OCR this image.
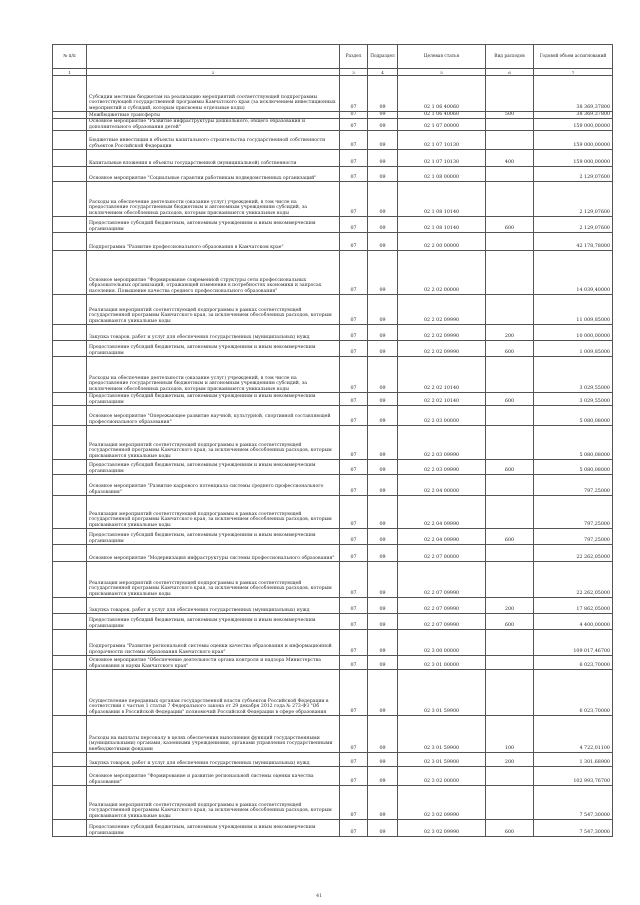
№ п/п		Раздел	Подраздел	Целевая статья	Вид расходов	Годовой объем ассигнований
1	2	3	4	5	6	7
	Субсидии местным бюджетам на реализацию мероприятий соответствующей подпрограммы соответствующей государственной программы Камчатского края (за исключением инвестиционных мероприятий и субсидий, которым присвоены отдельные коды)	07	09	02 1 06 40060		38 369,37800
	Межбюджетные трансферты	07	09	02 1 06 40060	500	38 369,37800
	Основное мероприятие "Развитие инфраструктуры дошкольного, общего образования и дополнительного образования детей"	07	09	02 1 07 00000		159 000,00000
	Бюджетные инвестиции в объекты капитального строительства государственной собственности субъектов Российской Федерации	07	09	02 1 07 10130		159 000,00000
	Капитальные вложения в объекты государственной (муниципальной) собственности	07	09	02 1 07 10130	400	159 000,00000
	Основное мероприятие "Социальные гарантии работникам подведомственных организаций"	07	09	02 1 08 00000		2 129,07600
	Расходы на обеспечение деятельности (оказание услуг) учреждений, в том числе на предоставление государственным бюджетным и автономным учреждениям субсидий, за исключением обособленных расходов, которым присваиваются уникальные коды	07	09	02 1 08 10140		2 129,07600
	Предоставление субсидий бюджетным, автономным учреждениям и иным некоммерческим организациям	07	09	02 1 08 10140	600	2 129,07600
	Подпрограмма "Развитие профессионального образования в Камчатском крае"	07	09	02 2 00 00000		42 178,78000
	Основное мероприятие "Формирование современной структуры сети профессиональных образовательных организаций, отражающей изменения в потребностях экономики и запросах населения. Повышение качества среднего профессионального образования"	07	09	02 2 02 00000		14 039,40000
	Реализация мероприятий соответствующей подпрограммы в рамках соответствующей государственной программы Камчатского края, за исключением обособленных расходов, которым присваиваются уникальные коды	07	09	02 2 02 09990		11 009,85000
	Закупка товаров, работ и услуг для обеспечения государственных (муниципальных) нужд	07	09	02 2 02 09990	200	10 000,00000
	Предоставление субсидий бюджетным, автономным учреждениям и иным некоммерческим организациям	07	09	02 2 02 09990	600	1 009,85000
	Расходы на обеспечение деятельности (оказание услуг) учреждений, в том числе на предоставление государственным бюджетным и автономным учреждениям субсидий, за исключением обособленных расходов, которым присваиваются уникальные коды	07	09	02 2 02 10140		3 029,55000
	Предоставление субсидий бюджетным, автономным учреждениям и иным некоммерческим организациям	07	09	02 2 02 10140	600	3 029,55000
	Основное мероприятие "Опережающее развитие научной, культурной, спортивной составляющей профессионального образования"	07	09	02 2 03 00000		5 080,08000
	Реализация мероприятий соответствующей подпрограммы в рамках соответствующей государственной программы Камчатского края, за исключением обособленных расходов, которым присваиваются уникальные коды	07	09	02 2 03 09990		5 080,08000
	Предоставление субсидий бюджетным, автономным учреждениям и иным некоммерческим организациям	07	09	02 2 03 09990	600	5 080,08000
	Основное мероприятие "Развитие кадрового потенциала системы среднего профессионального образования"	07	09	02 2 04 00000		797,25000
	Реализация мероприятий соответствующей подпрограммы в рамках соответствующей государственной программы Камчатского края, за исключением обособленных расходов, которым присваиваются уникальные коды	07	09	02 2 04 09990		797,25000
	Предоставление субсидий бюджетным, автономным учреждениям и иным некоммерческим организациям	07	09	02 2 04 09990	600	797,25000
	Основное мероприятие "Модернизация инфраструктуры системы профессионального образования"	07	09	02 2 07 00000		22 262,05000
	Реализация мероприятий соответствующей подпрограммы в рамках соответствующей государственной программы Камчатского края, за исключением обособленных расходов, которым присваиваются уникальные коды	07	09	02 2 07 09990		22 262,05000
	Закупка товаров, работ и услуг для обеспечения государственных (муниципальных) нужд	07	09	02 2 07 09990	200	17 862,05000
	Предоставление субсидий бюджетным, автономным учреждениям и иным некоммерческим организациям	07	09	02 2 07 09990	600	4 400,00000
	Подпрограмма "Развитие региональной системы оценки качества образования и информационной прозрачности системы образования Камчатского края"	07	09	02 3 00 00000		109 017,46700
	Основное мероприятие "Обеспечение деятельности органа контроля и надзора Министерства образования и науки Камчатского края"	07	09	02 3 01 00000		6 023,70000
	Осуществление переданных органам государственной власти субъектов Российской Федерации в соответствии с частью 1 статьи 7 Федерального закона от 29 декабря 2012 года № 273-ФЗ "Об образовании в Российской Федерации" полномочий Российской Федерации в сфере образования	07	09	02 3 01 59900		6 023,70000
	Расходы на выплаты персоналу в целях обеспечения выполнения функций государственными (муниципальными) органами, казенными учреждениями, органами управления государственными внебюджетными фондами	07	09	02 3 01 59900	100	4 722,01100
	Закупка товаров, работ и услуг для обеспечения государственных (муниципальных) нужд	07	09	02 3 01 59900	200	1 301,68900
	Основное мероприятие "Формирование и развитие региональной системы оценки качества образования"	07	09	02 3 02 00000		102 993,76700
	Реализация мероприятий соответствующей подпрограммы в рамках соответствующей государственной программы Камчатского края, за исключением обособленных расходов, которым присваиваются уникальные коды	07	09	02 3 02 09990		7 547,30000
	Предоставление субсидий бюджетным, автономным учреждениям и иным некоммерческим организациям	07	09	02 3 02 09990	600	7 547,30000
41
